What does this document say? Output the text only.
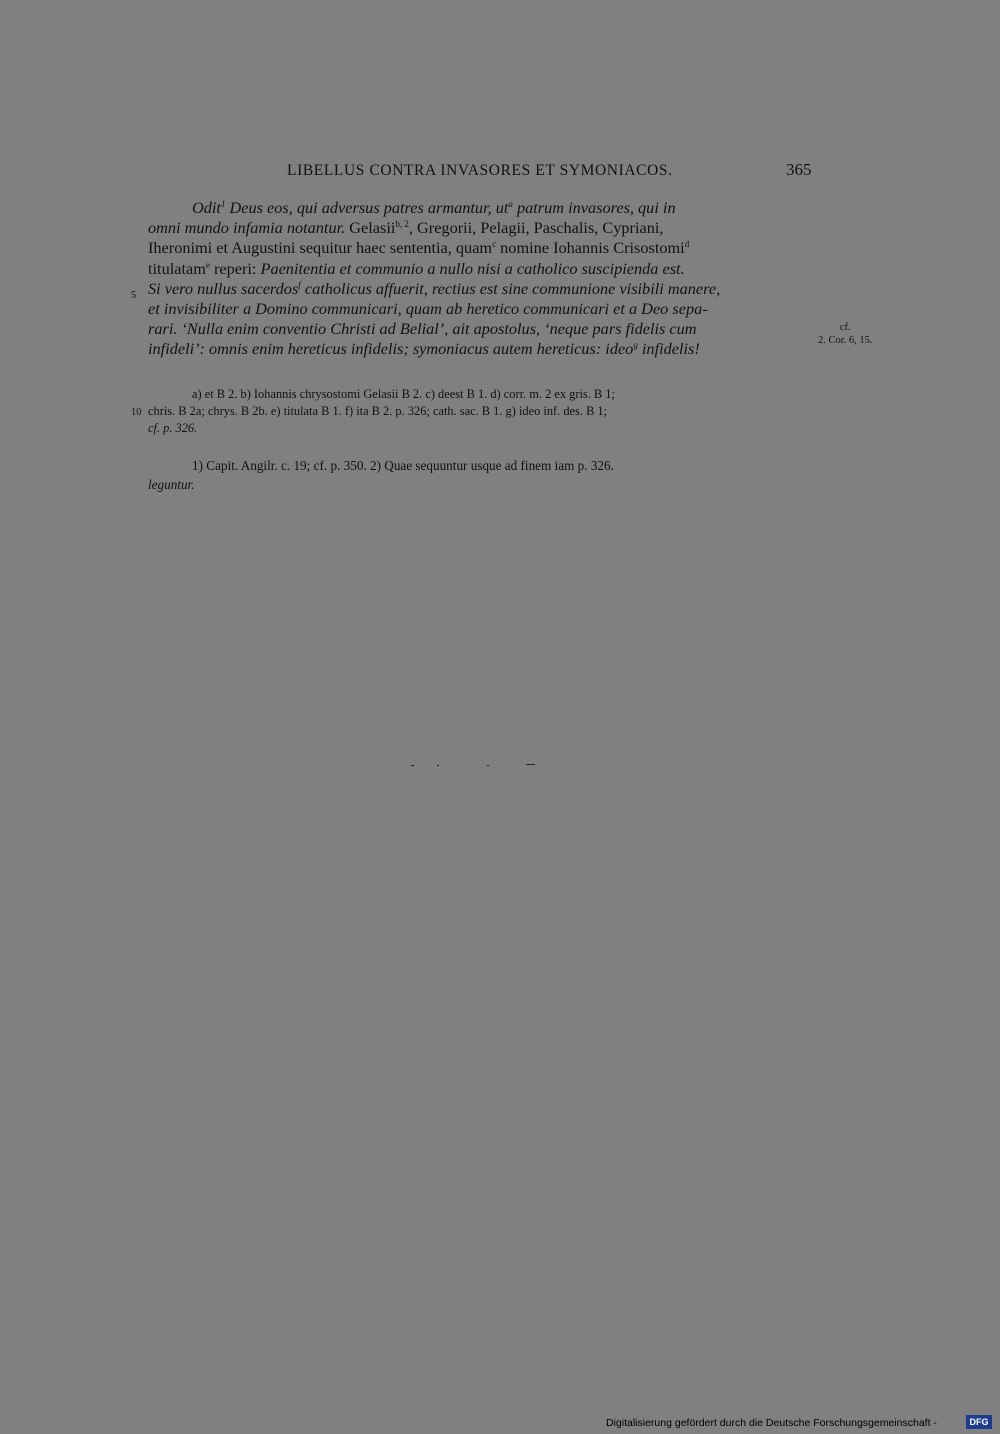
LIBELLUS CONTRA INVASORES ET SYMONIACOS.	365
Odit$^1$ Deus eos, qui adversus patres armantur, $ut^a$ patrum invasores, qui in
omni mundo infamia notantur. Gelasii$^{b, 2}$, Gregorii, Pelagii, Paschalis, Cypriani,
Iheronimi et Augustini sequitur haec sententia, quam$^c$ nomine Iohannis Crisostomi$^d$
titulatam$^e$ reperi: Paenitentia et communio a nullo nisi a catholico suscipienda est.
Si vero nullus sacerdos$^f$ catholicus affuerit, rectius est sine communione visibili manere,
et invisibiliter a Domino communicari, quam ab heretico communicari et a Deo sepa-
rari. ‘Nulla enim conventio Christi ad Belial’, ait apostolus, ‘neque pars fidelis cum
infideli’: omnis enim hereticus infidelis; symoniacus autem hereticus: ideo$^g$ infidelis!
5
10
cf.
2. Cor. 6, 15.
a) et B 2. b) Iohannis chrysostomi Gelasii B 2. c) deest B 1. d) corr. m. 2 ex gris. B 1;
chris. B 2a; chrys. B 2b. e) titulata B 1. f) ita B 2. p. 326; cath. sac. B 1. g) ideo inf. des. B 1;
cf. p. 326.
1) Capit. Angilr. c. 19; cf. p. 350. 2) Quae sequuntur usque ad finem iam p. 326.
leguntur.
Digitalisierung gefördert durch die Deutsche Forschungsgemeinschaft -	DFG
